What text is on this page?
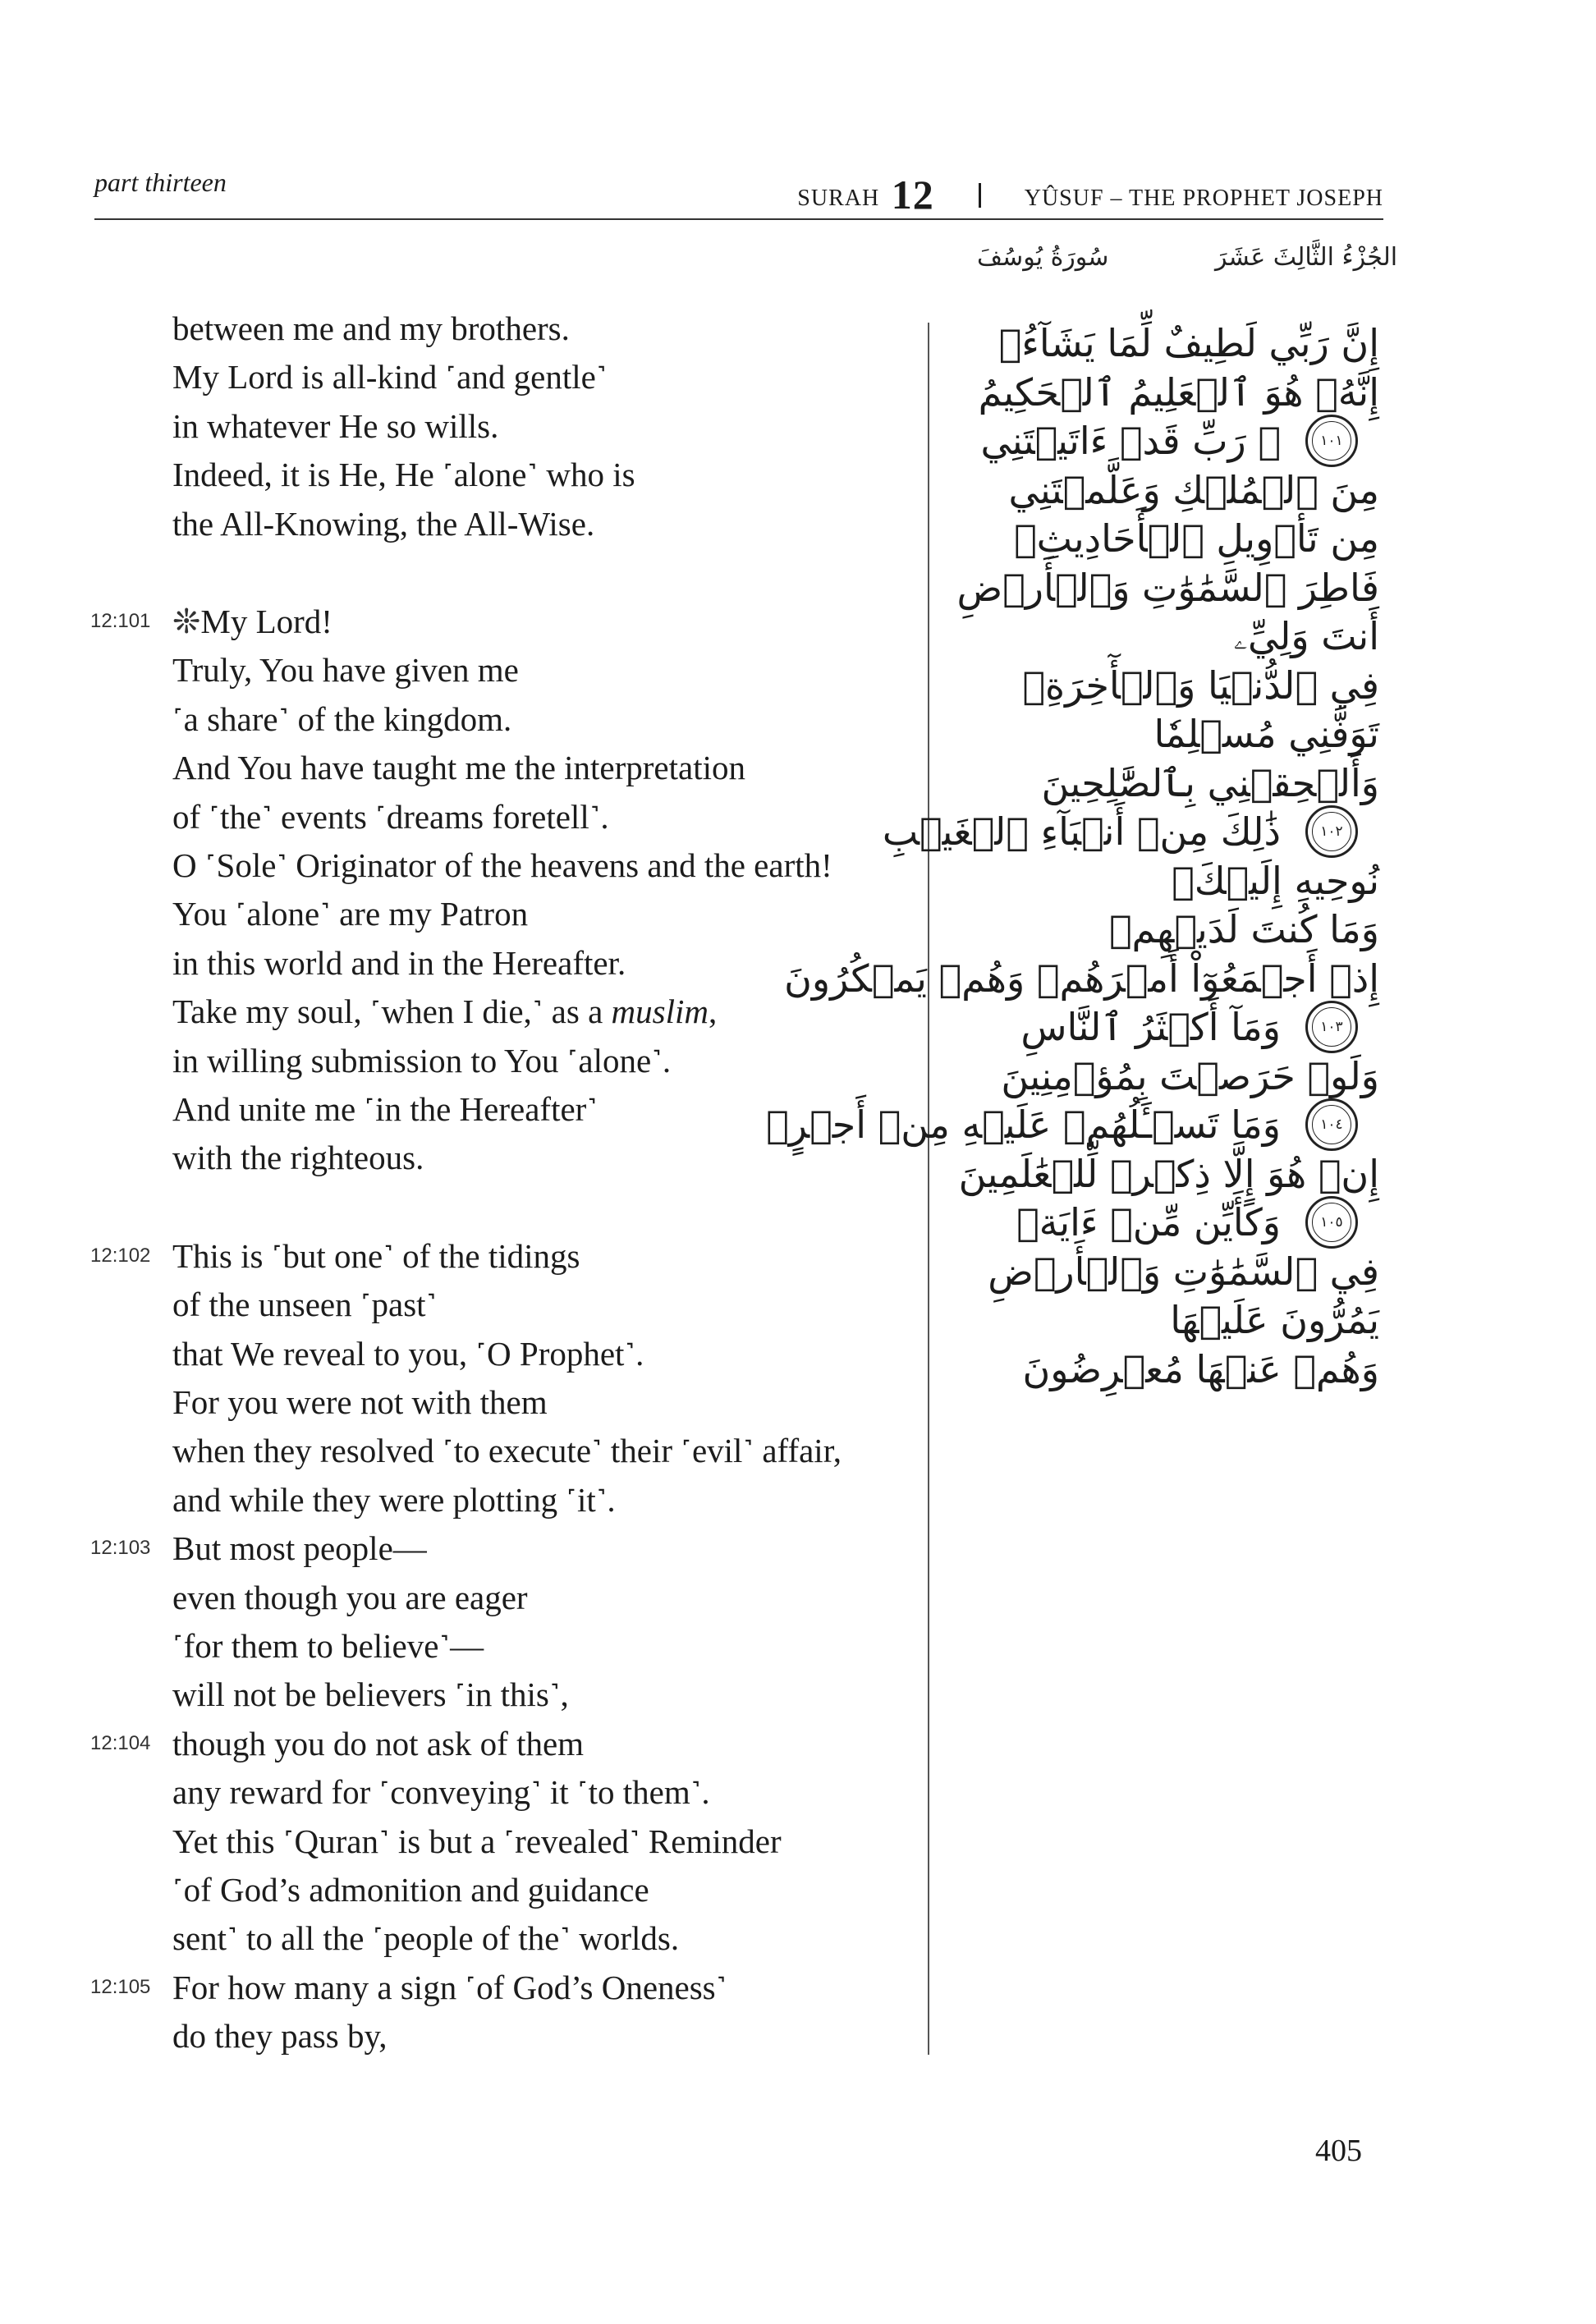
part thirteen
SURAH 12	YÛSUF – THE PROPHET JOSEPH
سُورَةُ يُوسُفَ	الجُزْءُ الثَّالِثَ عَشَرَ
between me and my brothers.
My Lord is all-kind ˹and gentle˺
in whatever He so wills.
Indeed, it is He, He ˹alone˺ who is
the All-Knowing, the All-Wise.
12:101 ❊My Lord!
Truly, You have given me
˹a share˺ of the kingdom.
And You have taught me the interpretation
of ˹the˺ events ˹dreams foretell˺.
O ˹Sole˺ Originator of the heavens and the earth!
You ˹alone˺ are my Patron
in this world and in the Hereafter.
Take my soul, ˹when I die,˺ as a muslim,
in willing submission to You ˹alone˺.
And unite me ˹in the Hereafter˺
with the righteous.
12:102 This is ˹but one˺ of the tidings
of the unseen ˹past˺
that We reveal to you, ˹O Prophet˺.
For you were not with them
when they resolved ˹to execute˺ their ˹evil˺ affair,
and while they were plotting ˹it˺.
12:103 But most people—
even though you are eager
˹for them to believe˺—
will not be believers ˹in this˺,
12:104 though you do not ask of them
any reward for ˹conveying˺ it ˹to them˺.
Yet this ˹Quran˺ is but a ˹revealed˺ Reminder
˹of God’s admonition and guidance
sent˺ to all the ˹people of the˺ worlds.
12:105 For how many a sign ˹of God’s Oneness˺
do they pass by,
إِنَّ رَبِّي لَطِيفٌ لِّمَا يَشَآءُۚ
إِنَّهُۥ هُوَ ٱلۡعَلِيمُ ٱلۡحَكِيمُ
۞ رَبِّ قَدۡ ءَاتَيۡتَنِي	١٠١
مِنَ ٱلۡمُلۡكِ وَعَلَّمۡتَنِي
مِن تَأۡوِيلِ ٱلۡأَحَادِيثِۚ
فَاطِرَ ٱلسَّمَٰوَٰتِ وَٱلۡأَرۡضِ
أَنتَ وَلِيِّۦ
فِي ٱلدُّنۡيَا وَٱلۡأٓخِرَةِۖ
تَوَفَّنِي مُسۡلِمٗا
وَأَلۡحِقۡنِي بِٱلصَّٰلِحِينَ
ذَٰلِكَ مِنۡ أَنۢبَآءِ ٱلۡغَيۡبِ	١٠٢
نُوحِيهِ إِلَيۡكَۖ
وَمَا كُنتَ لَدَيۡهِمۡ
إِذۡ أَجۡمَعُوٓاْ أَمۡرَهُمۡ وَهُمۡ يَمۡكُرُونَ
وَمَآ أَكۡثَرُ ٱلنَّاسِ	١٠٣
وَلَوۡ حَرَصۡتَ بِمُؤۡمِنِينَ
وَمَا تَسۡـَٔلُهُمۡ عَلَيۡهِ مِنۡ أَجۡرٍۚ	١٠٤
إِنۡ هُوَ إِلَّا ذِكۡرٞ لِّلۡعَٰلَمِينَ
وَكَأَيِّن مِّنۡ ءَايَةٖ	١٠٥
فِي ٱلسَّمَٰوَٰتِ وَٱلۡأَرۡضِ
يَمُرُّونَ عَلَيۡهَا
وَهُمۡ عَنۡهَا مُعۡرِضُونَ
405
